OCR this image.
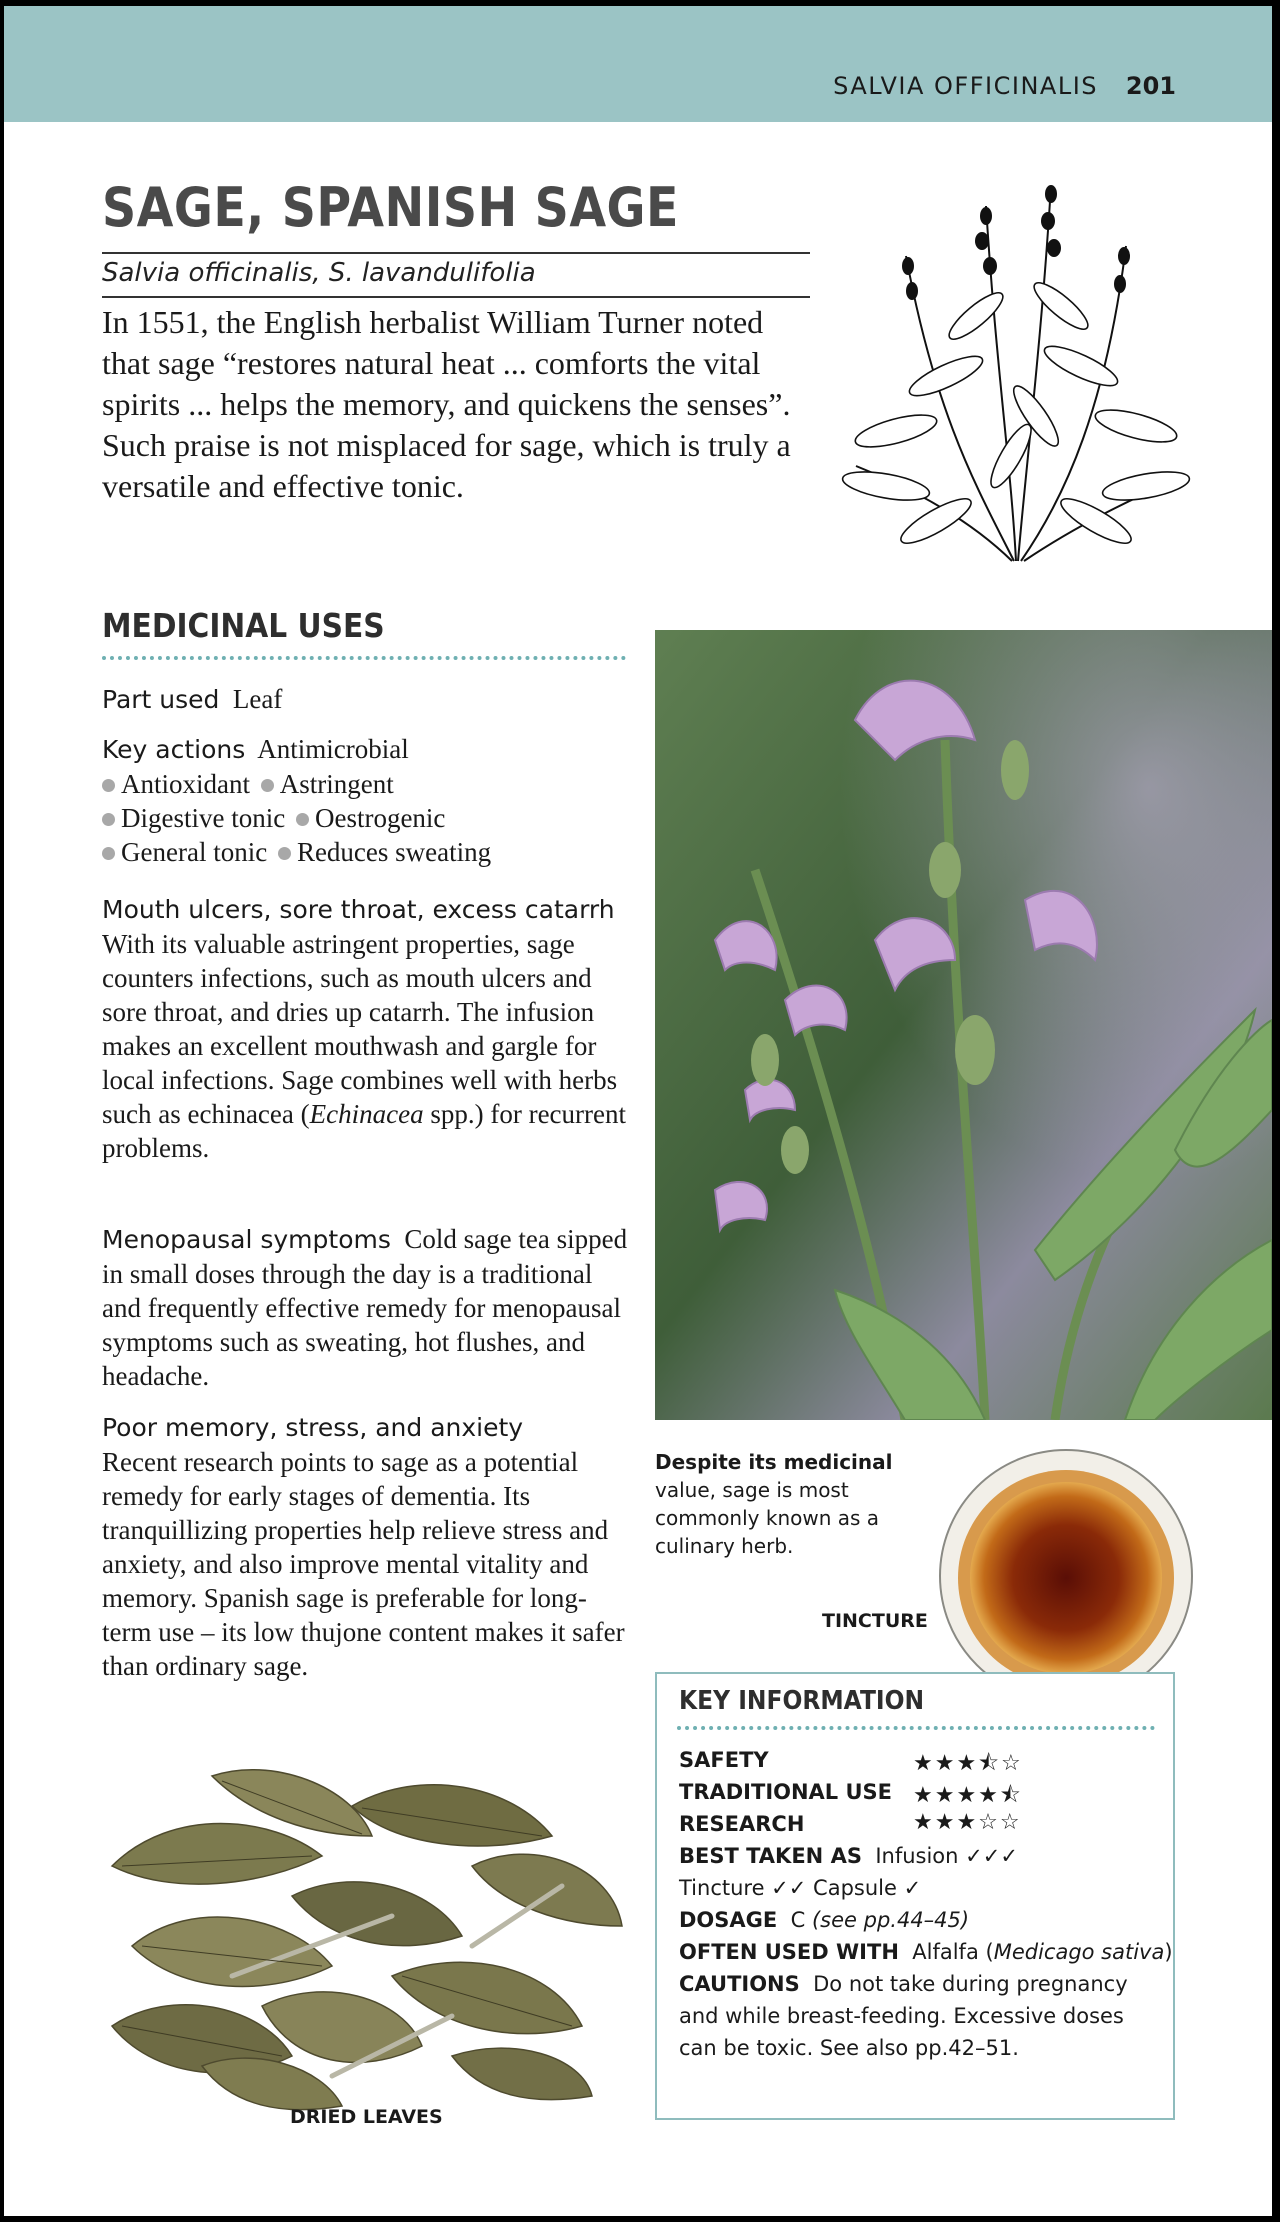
SALVIA OFFICINALIS 201
SAGE, SPANISH SAGE
Salvia officinalis, S. lavandulifolia

In 1551, the English herbalist William Turner noted that sage “restores natural heat ... comforts the vital spirits ... helps the memory, and quickens the senses”. Such praise is not misplaced for sage, which is truly a versatile and effective tonic.

MEDICINAL USES

Part used Leaf

Key actions Antimicrobial
Antioxidant Astringent
Digestive tonic Oestrogenic
General tonic Reduces sweating

Mouth ulcers, sore throat, excess catarrh  With its valuable astringent properties, sage counters infections, such as mouth ulcers and sore throat, and dries up catarrh. The infusion makes an excellent mouthwash and gargle for local infections. Sage combines well with herbs such as echinacea (Echinacea spp.) for recurrent problems.

Menopausal symptoms Cold sage tea sipped in small doses through the day is a traditional and frequently effective remedy for menopausal symptoms such as sweating, hot flushes, and headache.

Poor memory, stress, and anxiety
Recent research points to sage as a potential remedy for early stages of dementia. Its tranquillizing properties help relieve stress and anxiety, and also improve mental vitality and memory. Spanish sage is preferable for long-term use – its low thujone content makes it safer than ordinary sage.

Despite its medicinal
value, sage is most commonly known as a culinary herb.
TINCTURE
KEY INFORMATION
SAFETY	★★★⯪☆
TRADITIONAL USE ★★★★⯪
RESEARCH	★★★☆☆
BEST TAKEN AS Infusion ✓✓✓
Tincture ✓✓ Capsule ✓
DOSAGE C (see pp.44–45)
OFTEN USED WITH Alfalfa (Medicago sativa)
CAUTIONS Do not take during pregnancy
and while breast-feeding. Excessive doses
can be toxic. See also pp.42–51.
DRIED LEAVES
